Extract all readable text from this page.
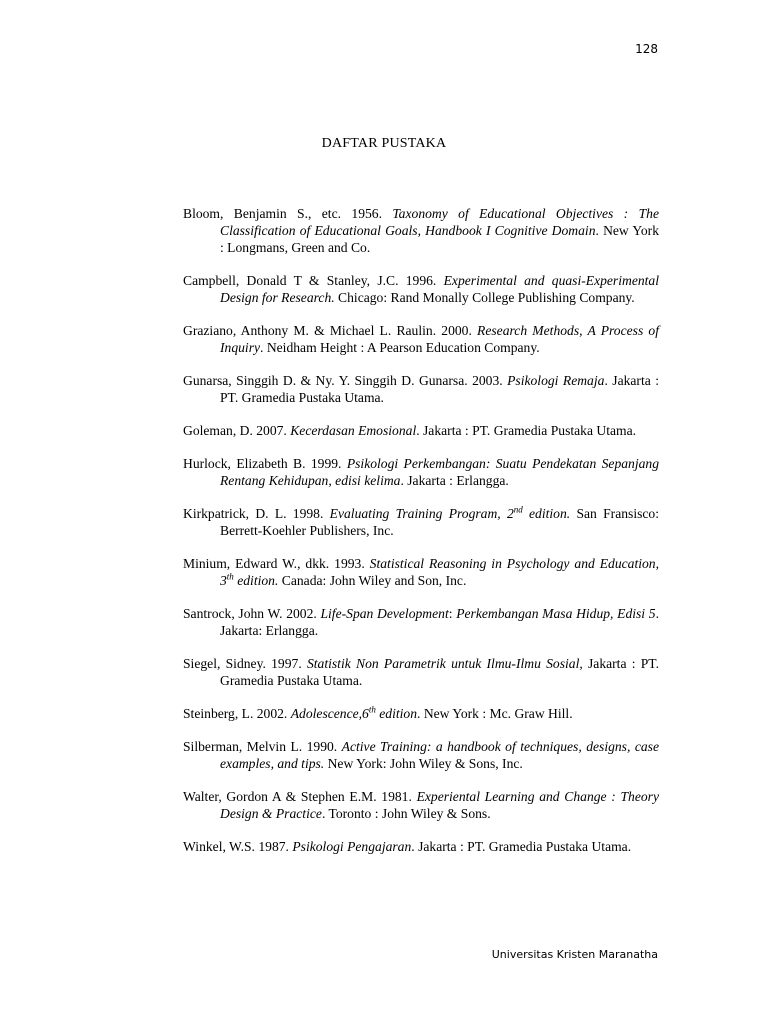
128
DAFTAR PUSTAKA
Bloom, Benjamin S., etc. 1956. Taxonomy of Educational Objectives : The Classification of Educational Goals, Handbook I Cognitive Domain. New York : Longmans, Green and Co.
Campbell, Donald T & Stanley, J.C. 1996. Experimental and quasi-Experimental Design for Research. Chicago: Rand Monally College Publishing Company.
Graziano, Anthony M. & Michael L. Raulin. 2000. Research Methods, A Process of Inquiry. Neidham Height : A Pearson Education Company.
Gunarsa, Singgih D. & Ny. Y. Singgih D. Gunarsa. 2003. Psikologi Remaja. Jakarta : PT. Gramedia Pustaka Utama.
Goleman, D. 2007. Kecerdasan Emosional. Jakarta : PT. Gramedia Pustaka Utama.
Hurlock, Elizabeth B. 1999. Psikologi Perkembangan: Suatu Pendekatan Sepanjang Rentang Kehidupan, edisi kelima. Jakarta : Erlangga.
Kirkpatrick, D. L. 1998. Evaluating Training Program, 2nd edition. San Fransisco: Berrett-Koehler Publishers, Inc.
Minium, Edward W., dkk. 1993. Statistical Reasoning in Psychology and Education, 3th edition. Canada: John Wiley and Son, Inc.
Santrock, John W. 2002. Life-Span Development: Perkembangan Masa Hidup, Edisi 5. Jakarta: Erlangga.
Siegel, Sidney. 1997. Statistik Non Parametrik untuk Ilmu-Ilmu Sosial, Jakarta : PT. Gramedia Pustaka Utama.
Steinberg, L. 2002. Adolescence,6th edition. New York : Mc. Graw Hill.
Silberman, Melvin L. 1990. Active Training: a handbook of techniques, designs, case examples, and tips. New York: John Wiley & Sons, Inc.
Walter, Gordon A & Stephen E.M. 1981. Experiental Learning and Change : Theory Design & Practice. Toronto : John Wiley & Sons.
Winkel, W.S. 1987. Psikologi Pengajaran. Jakarta : PT. Gramedia Pustaka Utama.
Universitas Kristen Maranatha
